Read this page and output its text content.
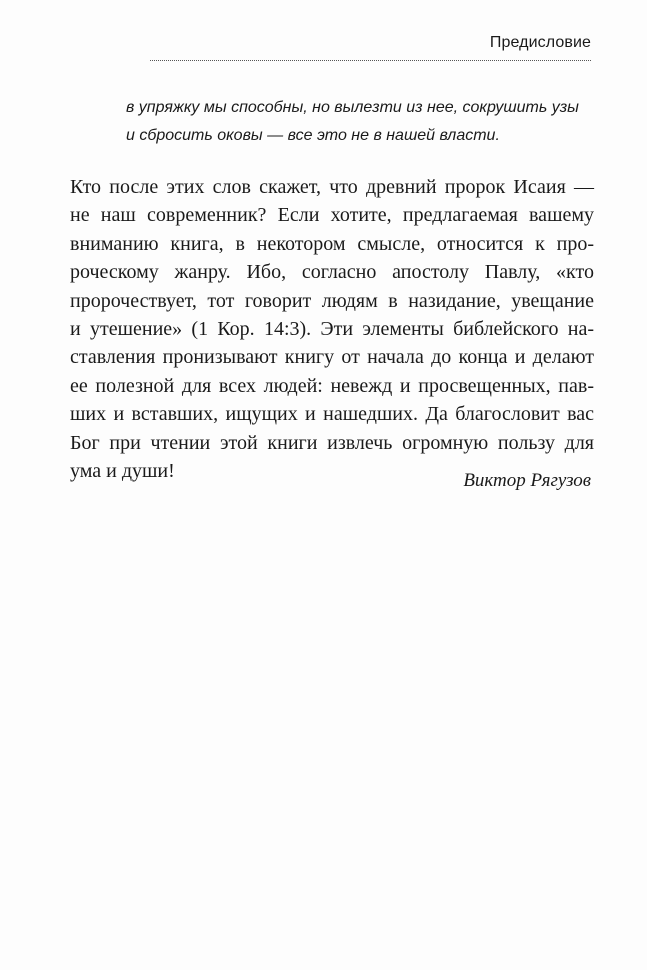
Предисловие
в упряжку мы способны, но вылезти из нее, сокрушить узы
и сбросить оковы — все это не в нашей власти.
Кто после этих слов скажет, что древний пророк Исаия —
не наш современник? Если хотите, предлагаемая вашему
вниманию книга, в некотором смысле, относится к про-
роческому жанру. Ибо, согласно апостолу Павлу, «кто
пророчествует, тот говорит людям в назидание, увещание
и утешение» (1 Кор. 14:3). Эти элементы библейского на-
ставления пронизывают книгу от начала до конца и делают
ее полезной для всех людей: невежд и просвещенных, пав-
ших и вставших, ищущих и нашедших. Да благословит вас
Бог при чтении этой книги извлечь огромную пользу для
ума и души!	Виктор Рягузов
